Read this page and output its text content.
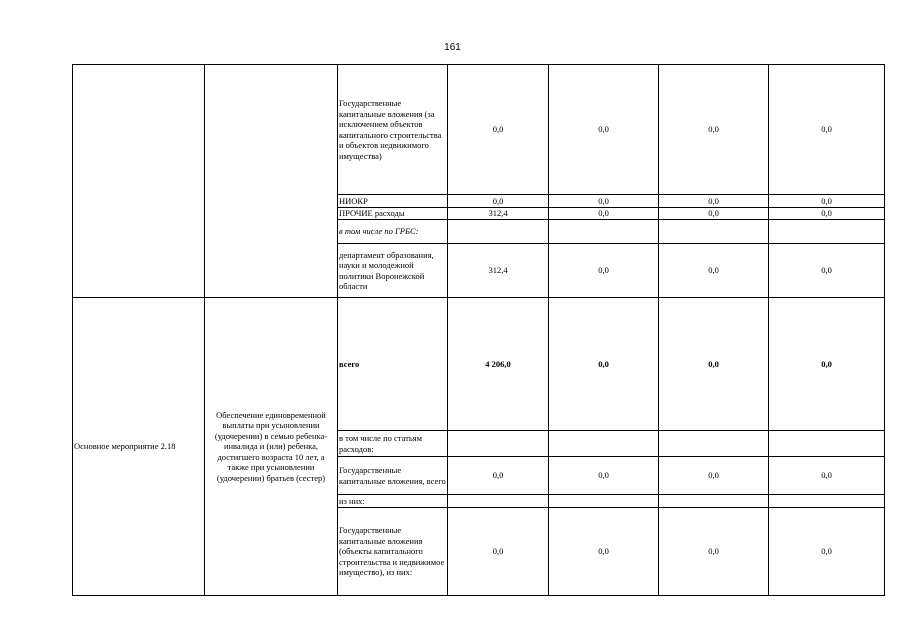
161
		Государственные капитальные вложения (за исключением объектов капитального строительства и объектов недвижимого имущества)	0,0	0,0	0,0	0,0
		НИОКР	0,0	0,0	0,0	0,0
		ПРОЧИЕ расходы	312,4	0,0	0,0	0,0
		в том числе по ГРБС:				
		департамент образования, науки и молодежной политики Воронежской области	312,4	0,0	0,0	0,0
Основное мероприятие 2.18	Обеспечение единовременной выплаты при усыновлении (удочерении) в семью ребенка-инвалида и (или) ребенка, достигшего возраста 10 лет, а также при усыновлении (удочерении) братьев (сестер)	всего	4 206,0	0,0	0,0	0,0
		в том числе по статьям расходов:				
		Государственные капитальные вложения, всего	0,0	0,0	0,0	0,0
		из них:				
		Государственные капитальные вложения (объекты капитального строительства и недвижимое имущество), из них:	0,0	0,0	0,0	0,0
